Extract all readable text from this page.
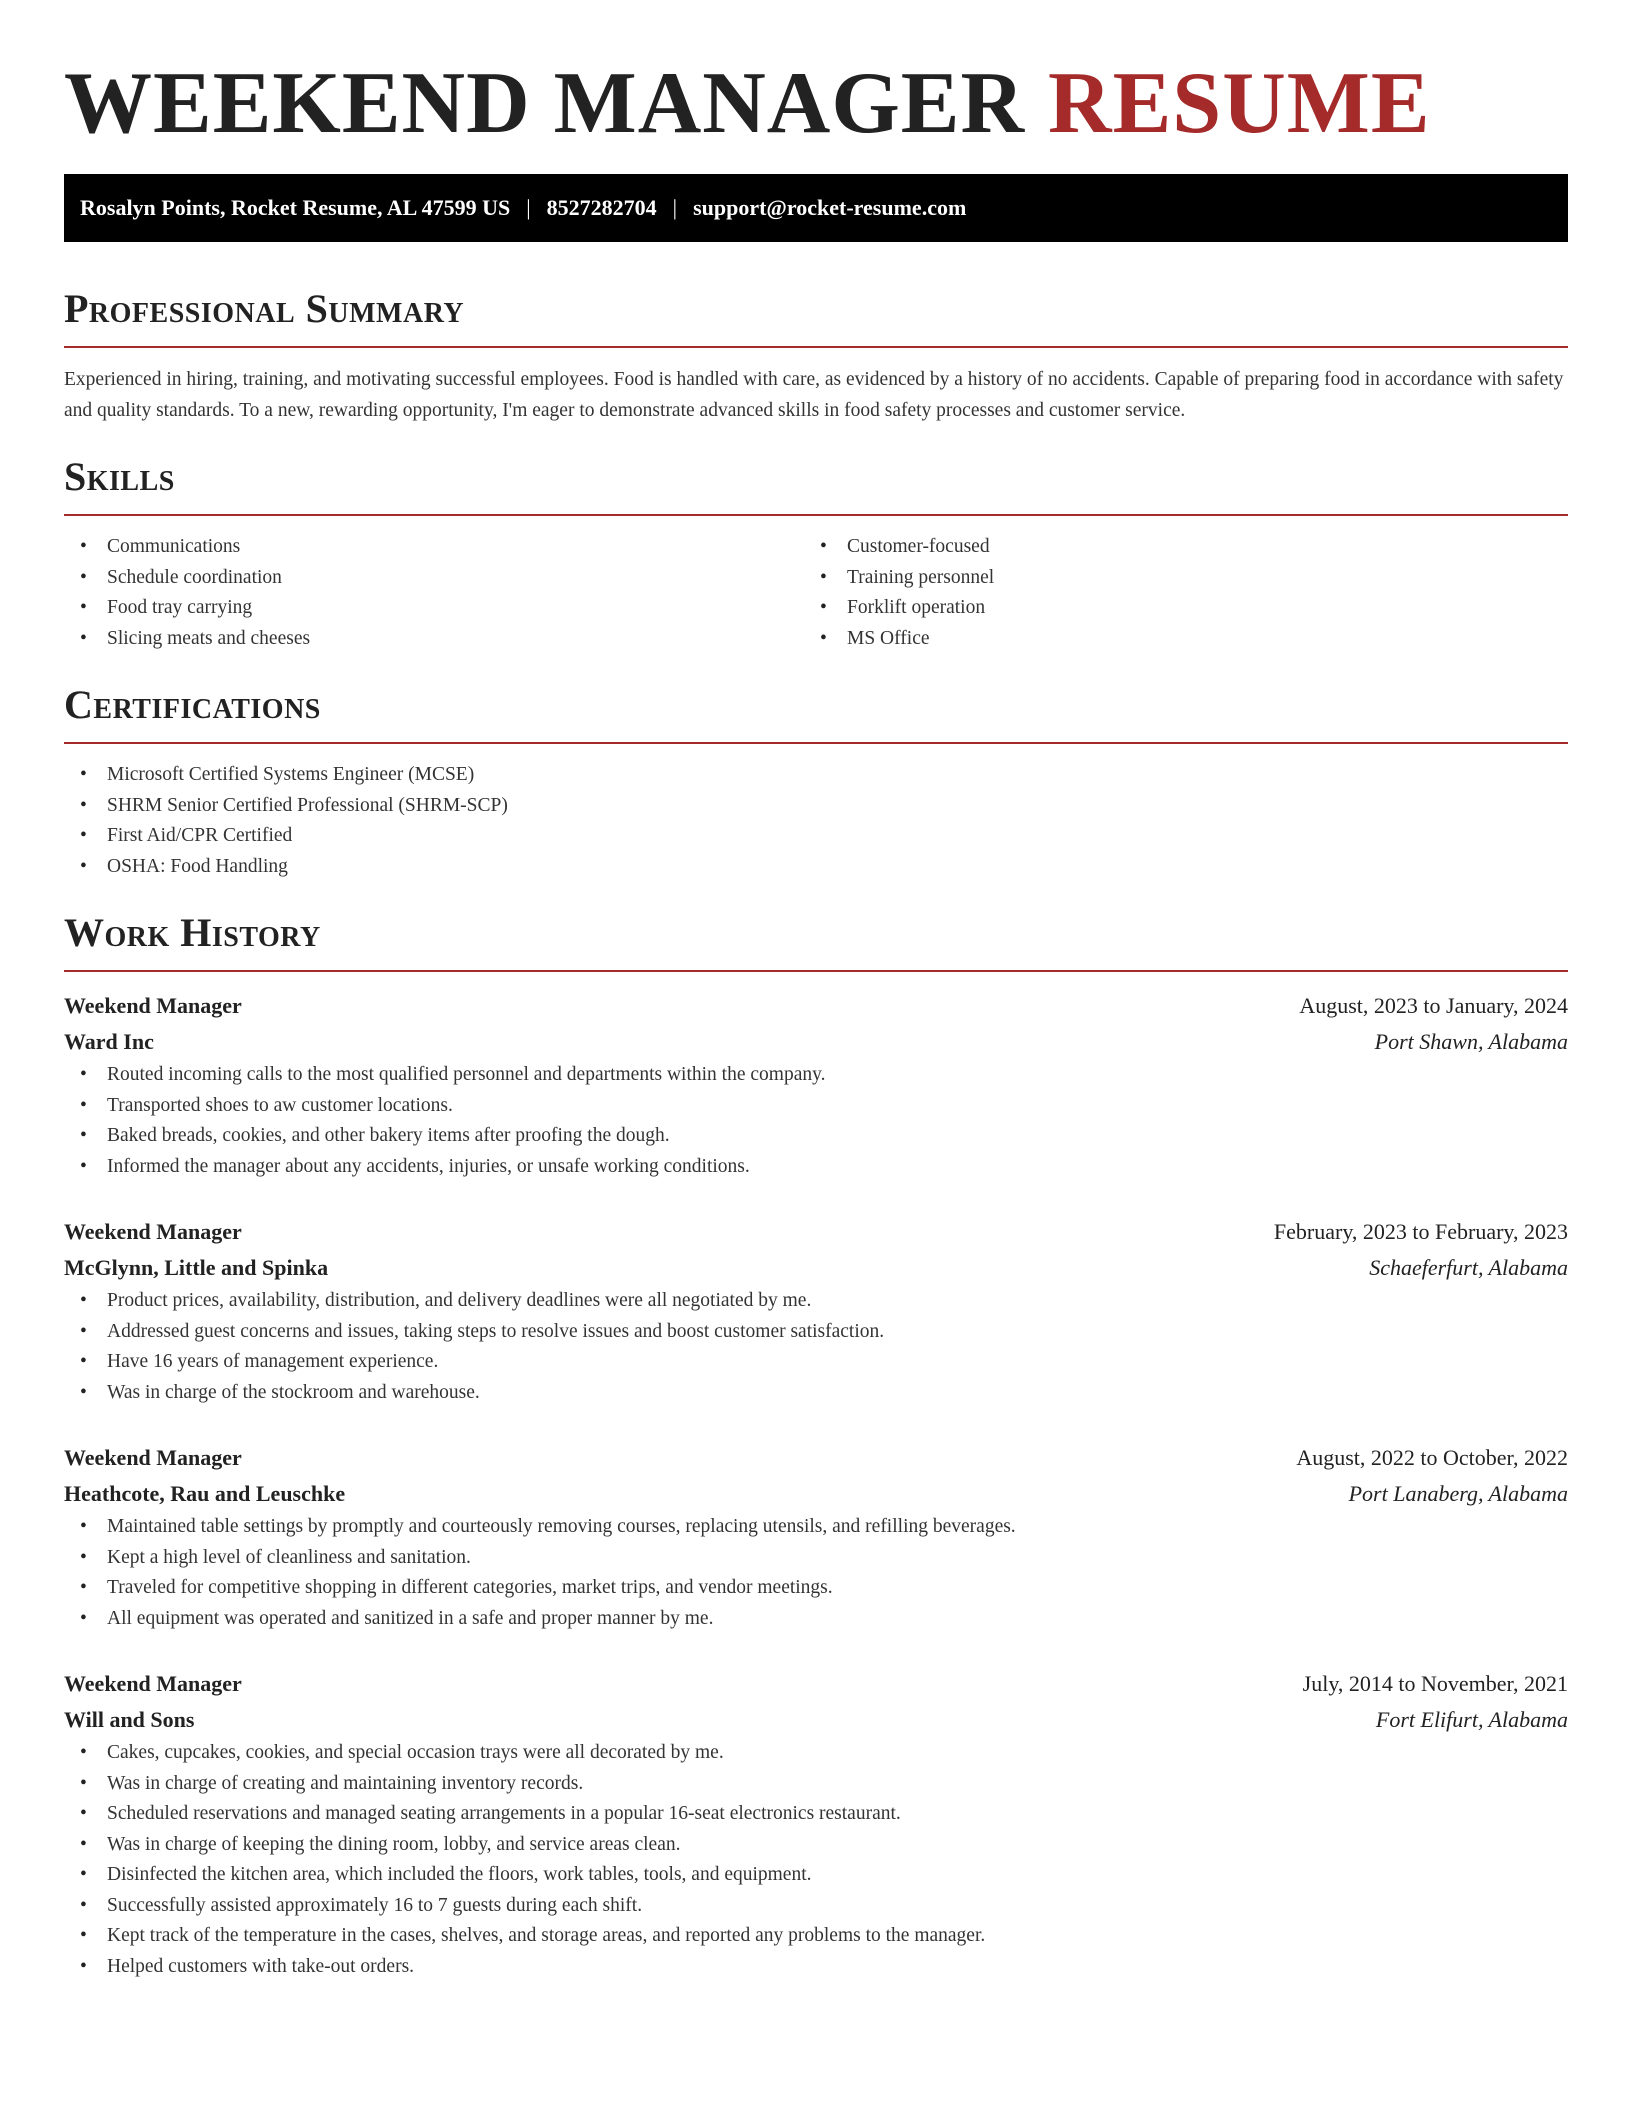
WEEKEND MANAGER RESUME
Rosalyn Points, Rocket Resume, AL 47599 US | 8527282704 | support@rocket-resume.com
Professional Summary

Experienced in hiring, training, and motivating successful employees. Food is handled with care, as evidenced by a history of no accidents. Capable of preparing food in accordance with safety and quality standards. To a new, rewarding opportunity, I'm eager to demonstrate advanced skills in food safety processes and customer service.

Skills
• Communications
• Schedule coordination
• Food tray carrying
• Slicing meats and cheeses
• Customer-focused
• Training personnel
• Forklift operation
• MS Office
Certifications
• Microsoft Certified Systems Engineer (MCSE)
• SHRM Senior Certified Professional (SHRM-SCP)
• First Aid/CPR Certified
• OSHA: Food Handling
Work History
Weekend Manager	August, 2023 to January, 2024
Ward Inc	Port Shawn, Alabama
• Routed incoming calls to the most qualified personnel and departments within the company.
• Transported shoes to aw customer locations.
• Baked breads, cookies, and other bakery items after proofing the dough.
• Informed the manager about any accidents, injuries, or unsafe working conditions.
Weekend Manager	February, 2023 to February, 2023
McGlynn, Little and Spinka	Schaeferfurt, Alabama
• Product prices, availability, distribution, and delivery deadlines were all negotiated by me.
• Addressed guest concerns and issues, taking steps to resolve issues and boost customer satisfaction.
• Have 16 years of management experience.
• Was in charge of the stockroom and warehouse.
Weekend Manager	August, 2022 to October, 2022
Heathcote, Rau and Leuschke	Port Lanaberg, Alabama
• Maintained table settings by promptly and courteously removing courses, replacing utensils, and refilling beverages.
• Kept a high level of cleanliness and sanitation.
• Traveled for competitive shopping in different categories, market trips, and vendor meetings.
• All equipment was operated and sanitized in a safe and proper manner by me.
Weekend Manager	July, 2014 to November, 2021
Will and Sons	Fort Elifurt, Alabama
• Cakes, cupcakes, cookies, and special occasion trays were all decorated by me.
• Was in charge of creating and maintaining inventory records.
• Scheduled reservations and managed seating arrangements in a popular 16-seat electronics restaurant.
• Was in charge of keeping the dining room, lobby, and service areas clean.
• Disinfected the kitchen area, which included the floors, work tables, tools, and equipment.
• Successfully assisted approximately 16 to 7 guests during each shift.
• Kept track of the temperature in the cases, shelves, and storage areas, and reported any problems to the manager.
• Helped customers with take-out orders.
